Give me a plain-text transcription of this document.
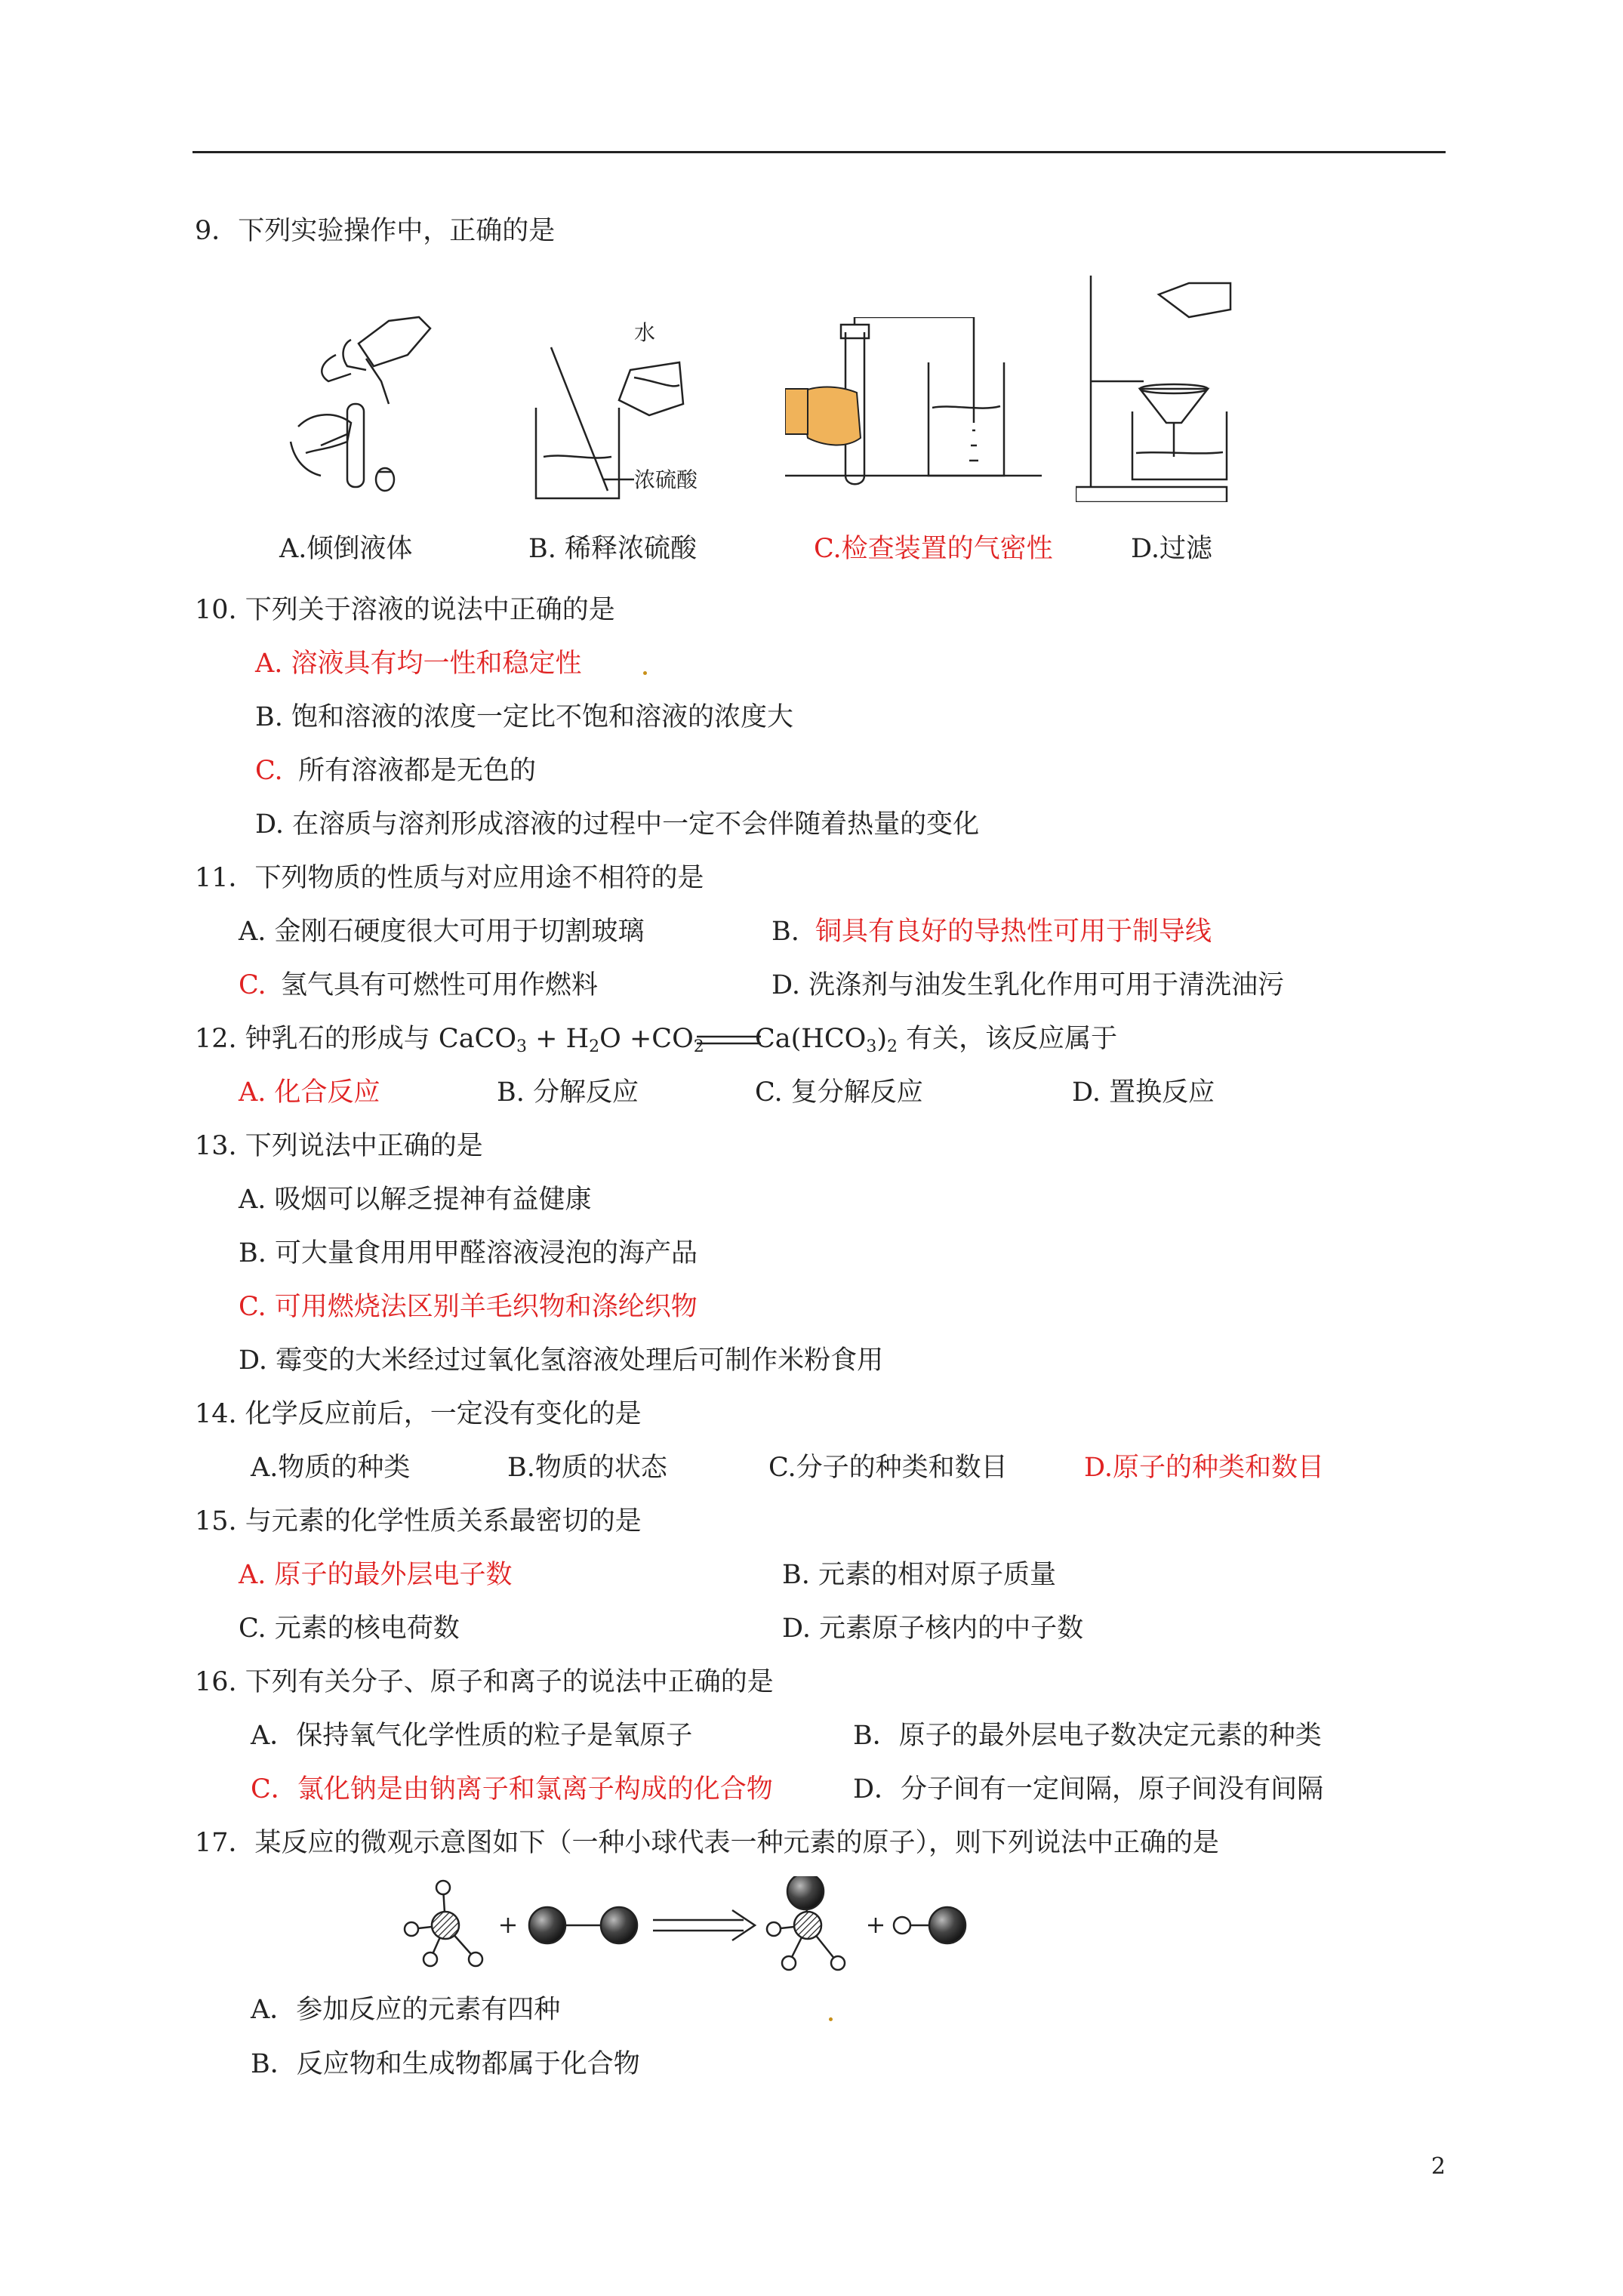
9．下列实验操作中，正确的是
水
浓硫酸
A.倾倒液体	B. 稀释浓硫酸	C.检查装置的气密性	D.过滤
10. 下列关于溶液的说法中正确的是
A. 溶液具有均一性和稳定性
B. 饱和溶液的浓度一定比不饱和溶液的浓度大
C. 所有溶液都是无色的
D. 在溶质与溶剂形成溶液的过程中一定不会伴随着热量的变化
11．下列物质的性质与对应用途不相符的是
A. 金刚石硬度很大可用于切割玻璃	B. 铜具有良好的导热性可用于制导线
C. 氢气具有可燃性可用作燃料	D. 洗涤剂与油发生乳化作用可用于清洗油污
12. 钟乳石的形成与 CaCO$_3$ + $H_2O +CO_2$ $Ca(HCO_3)_2$ 有关，该反应属于
A. 化合反应	B. 分解反应	C. 复分解反应	D. 置换反应
13. 下列说法中正确的是
A. 吸烟可以解乏提神有益健康
B. 可大量食用用甲醛溶液浸泡的海产品
C. 可用燃烧法区别羊毛织物和涤纶织物
D. 霉变的大米经过过氧化氢溶液处理后可制作米粉食用
14. 化学反应前后，一定没有变化的是
A.物质的种类	B.物质的状态	C.分子的种类和数目	D.原子的种类和数目
15. 与元素的化学性质关系最密切的是
A. 原子的最外层电子数	B. 元素的相对原子质量
C. 元素的核电荷数	D. 元素原子核内的中子数
16. 下列有关分子、原子和离子的说法中正确的是
A．保持氧气化学性质的粒子是氧原子	B．原子的最外层电子数决定元素的种类
C．氯化钠是由钠离子和氯离子构成的化合物	D．分子间有一定间隔，原子间没有间隔
17．某反应的微观示意图如下（一种小球代表一种元素的原子），则下列说法中正确的是
A．参加反应的元素有四种
B．反应物和生成物都属于化合物
2
